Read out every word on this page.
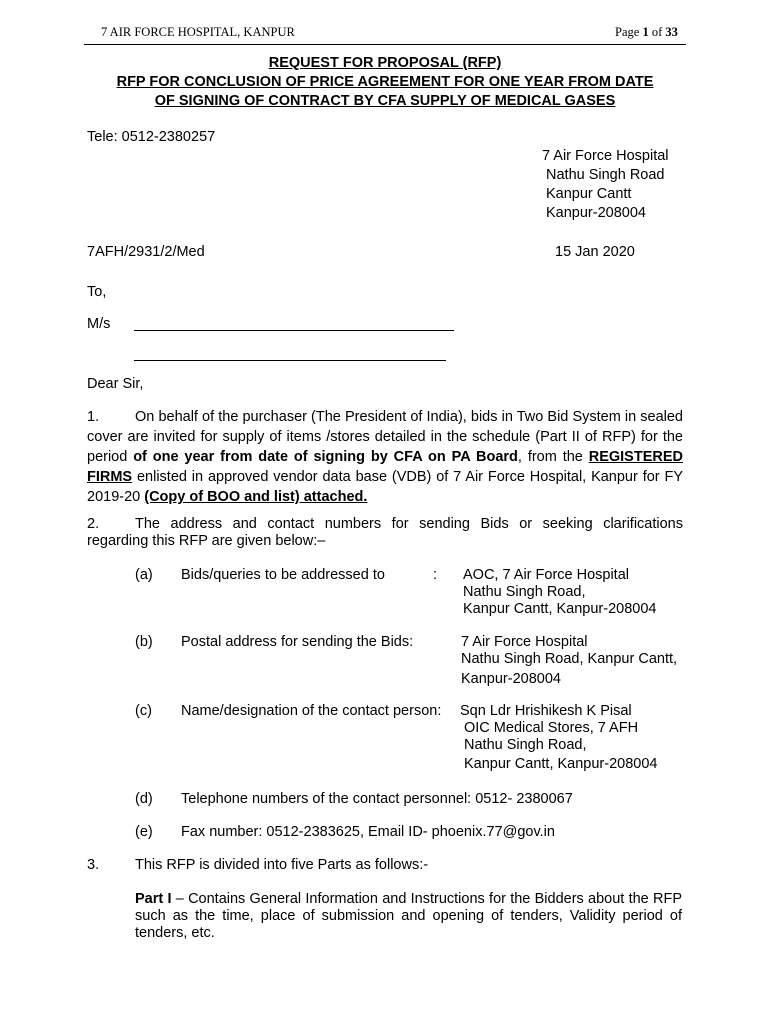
7 AIR FORCE HOSPITAL, KANPUR	Page 1 of 33
REQUEST FOR PROPOSAL (RFP)
RFP FOR CONCLUSION OF PRICE AGREEMENT FOR ONE YEAR FROM DATE
OF SIGNING OF CONTRACT BY CFA SUPPLY OF MEDICAL GASES
Tele: 0512-2380257
7 Air Force Hospital
Nathu Singh Road
Kanpur Cantt
Kanpur-208004
7AFH/2931/2/Med	15 Jan 2020
To,
M/s
Dear Sir,
1. On behalf of the purchaser (The President of India), bids in Two Bid System in sealed cover are invited for supply of items /stores detailed in the schedule (Part II of RFP) for the period of one year from date of signing by CFA on PA Board, from the REGISTERED FIRMS enlisted in approved vendor data base (VDB) of 7 Air Force Hospital, Kanpur for FY 2019-20 (Copy of BOO and list) attached.
2. The address and contact numbers for sending Bids or seeking clarifications regarding this RFP are given below:–
(a) Bids/queries to be addressed to	: AOC, 7 Air Force Hospital
Nathu Singh Road,
Kanpur Cantt, Kanpur-208004
(b) Postal address for sending the Bids:	7 Air Force Hospital
Nathu Singh Road, Kanpur Cantt,
Kanpur-208004
(c) Name/designation of the contact person: Sqn Ldr Hrishikesh K Pisal
OIC Medical Stores, 7 AFH
Nathu Singh Road,
Kanpur Cantt, Kanpur-208004
(d) Telephone numbers of the contact personnel: 0512- 2380067
(e) Fax number: 0512-2383625, Email ID- phoenix.77@gov.in
3. This RFP is divided into five Parts as follows:-
Part I – Contains General Information and Instructions for the Bidders about the RFP such as the time, place of submission and opening of tenders, Validity period of tenders, etc.
